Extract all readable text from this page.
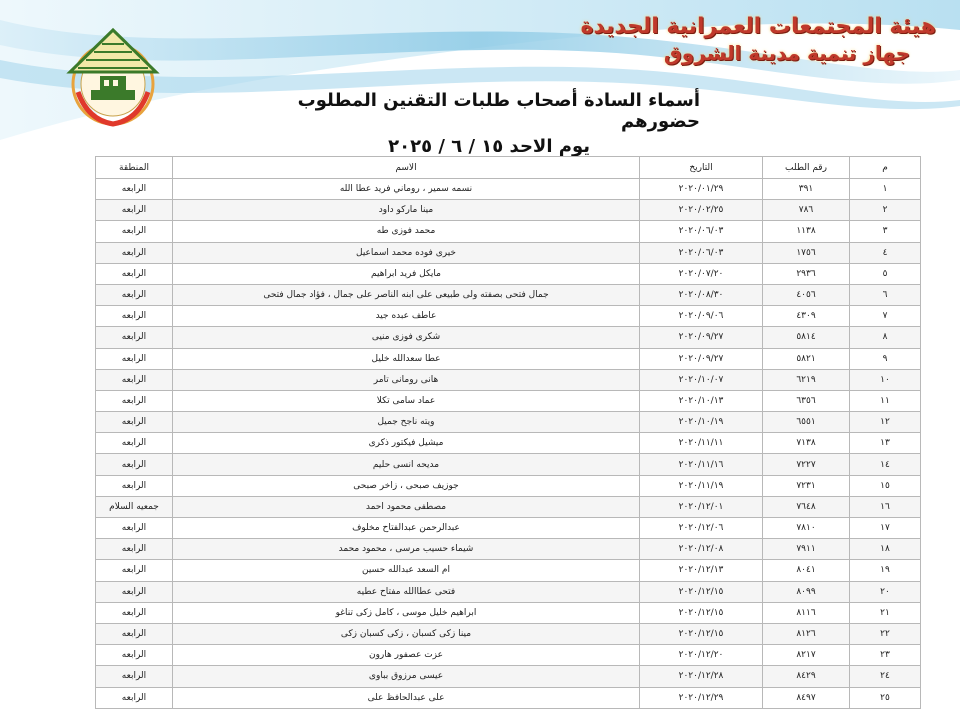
هيئة المجتمعات العمرانية الجديدة
جهاز تنمية مدينة الشروق
أسماء السادة أصحاب طلبات التقنين المطلوب حضورهم
يوم الاحد ١٥ / ٦ / ٢٠٢٥
م	رقم الطلب	التاريخ	الاسم	المنطقة
١	٣٩١	٢٠٢٠/٠١/٢٩	نسمه سمير ، روماني فريد عطا الله	الرابعه
٢	٧٨٦	٢٠٢٠/٠٢/٢٥	مينا ماركو داود	الرابعه
٣	١١٣٨	٢٠٢٠/٠٦/٠٣	محمد فوزى طه	الرابعه
٤	١٧٥٦	٢٠٢٠/٠٦/٠٣	خيرى فوده محمد اسماعيل	الرابعه
٥	٢٩٣٦	٢٠٢٠/٠٧/٢٠	مايكل فريد ابراهيم	الرابعه
٦	٤٠٥٦	٢٠٢٠/٠٨/٣٠	جمال فتحى بصفته ولى طبيعى على ابنه الناصر على جمال ، فؤاد جمال فتحى	الرابعه
٧	٤٣٠٩	٢٠٢٠/٠٩/٠٦	عاطف عبده جيد	الرابعه
٨	٥٨١٤	٢٠٢٠/٠٩/٢٧	شكرى فوزى منيى	الرابعه
٩	٥٨٢١	٢٠٢٠/٠٩/٢٧	عطا سعدالله خليل	الرابعه
١٠	٦٢١٩	٢٠٢٠/١٠/٠٧	هانى رومانى تامر	الرابعه
١١	٦٣٥٦	٢٠٢٠/١٠/١٣	عماد سامى تكلا	الرابعه
١٢	٦٥٥١	٢٠٢٠/١٠/١٩	ويته ناجح جميل	الرابعه
١٣	٧١٣٨	٢٠٢٠/١١/١١	ميشيل فيكتور ذكرى	الرابعه
١٤	٧٢٢٧	٢٠٢٠/١١/١٦	مديحه انسى حليم	الرابعه
١٥	٧٢٣١	٢٠٢٠/١١/١٩	جوزيف صبحى ، زاخر صبحى	الرابعه
١٦	٧٦٤٨	٢٠٢٠/١٢/٠١	مصطفى محمود احمد	جمعيه السلام
١٧	٧٨١٠	٢٠٢٠/١٢/٠٦	عبدالرحمن عبدالفتاح مخلوف	الرابعه
١٨	٧٩١١	٢٠٢٠/١٢/٠٨	شيماء حسيب مرسى ، محمود محمد	الرابعه
١٩	٨٠٤١	٢٠٢٠/١٢/١٣	ام السعد عبدالله حسين	الرابعه
٢٠	٨٠٩٩	٢٠٢٠/١٢/١٥	فتحى عطاالله مفتاح عطيه	الرابعه
٢١	٨١١٦	٢٠٢٠/١٢/١٥	ابراهيم خليل موسى ، كامل زكى تناغو	الرابعه
٢٢	٨١٢٦	٢٠٢٠/١٢/١٥	مينا زكى كسبان ، زكى كسبان زكى	الرابعه
٢٣	٨٢١٧	٢٠٢٠/١٢/٢٠	عزت عصفور هارون	الرابعه
٢٤	٨٤٢٩	٢٠٢٠/١٢/٢٨	عيسى مرزوق بباوى	الرابعه
٢٥	٨٤٩٧	٢٠٢٠/١٢/٢٩	على عبدالحافظ على	الرابعه
